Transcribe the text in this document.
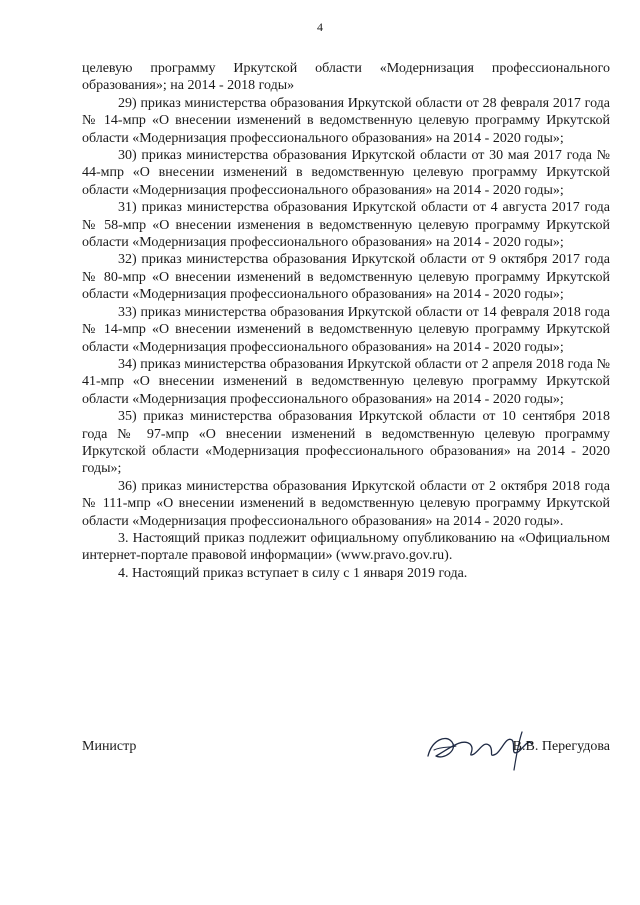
4

целевую программу Иркутской области «Модернизация профессионального образования»; на 2014 - 2018 годы»

29) приказ министерства образования Иркутской области от 28 февраля 2017 года № 14-мпр «О внесении изменений в ведомственную целевую программу Иркутской области «Модернизация профессионального образования» на 2014 - 2020 годы»;

30) приказ министерства образования Иркутской области от 30 мая 2017 года № 44-мпр «О внесении изменений в ведомственную целевую программу Иркутской области «Модернизация профессионального образования» на 2014 - 2020 годы»;

31) приказ министерства образования Иркутской области от 4 августа 2017 года № 58-мпр «О внесении изменения в ведомственную целевую программу Иркутской области «Модернизация профессионального образования» на 2014 - 2020 годы»;

32) приказ министерства образования Иркутской области от 9 октября 2017 года № 80-мпр «О внесении изменений в ведомственную целевую программу Иркутской области «Модернизация профессионального образования» на 2014 - 2020 годы»;

33) приказ министерства образования Иркутской области от 14 февраля 2018 года № 14-мпр «О внесении изменений в ведомственную целевую программу Иркутской области «Модернизация профессионального образования» на 2014 - 2020 годы»;

34) приказ министерства образования Иркутской области от 2 апреля 2018 года № 41-мпр «О внесении изменений в ведомственную целевую программу Иркутской области «Модернизация профессионального образования» на 2014 - 2020 годы»;

35) приказ министерства образования Иркутской области от 10 сентября 2018 года № 97-мпр «О внесении изменений в ведомственную целевую программу Иркутской области «Модернизация профессионального образования» на 2014 - 2020 годы»;

36) приказ министерства образования Иркутской области от 2 октября 2018 года № 111-мпр «О внесении изменений в ведомственную целевую программу Иркутской области «Модернизация профессионального образования» на 2014 - 2020 годы».

3. Настоящий приказ подлежит официальному опубликованию на «Официальном интернет-портале правовой информации» (www.pravo.gov.ru).

4. Настоящий приказ вступает в силу с 1 января 2019 года.

Министр	В.В. Перегудова
